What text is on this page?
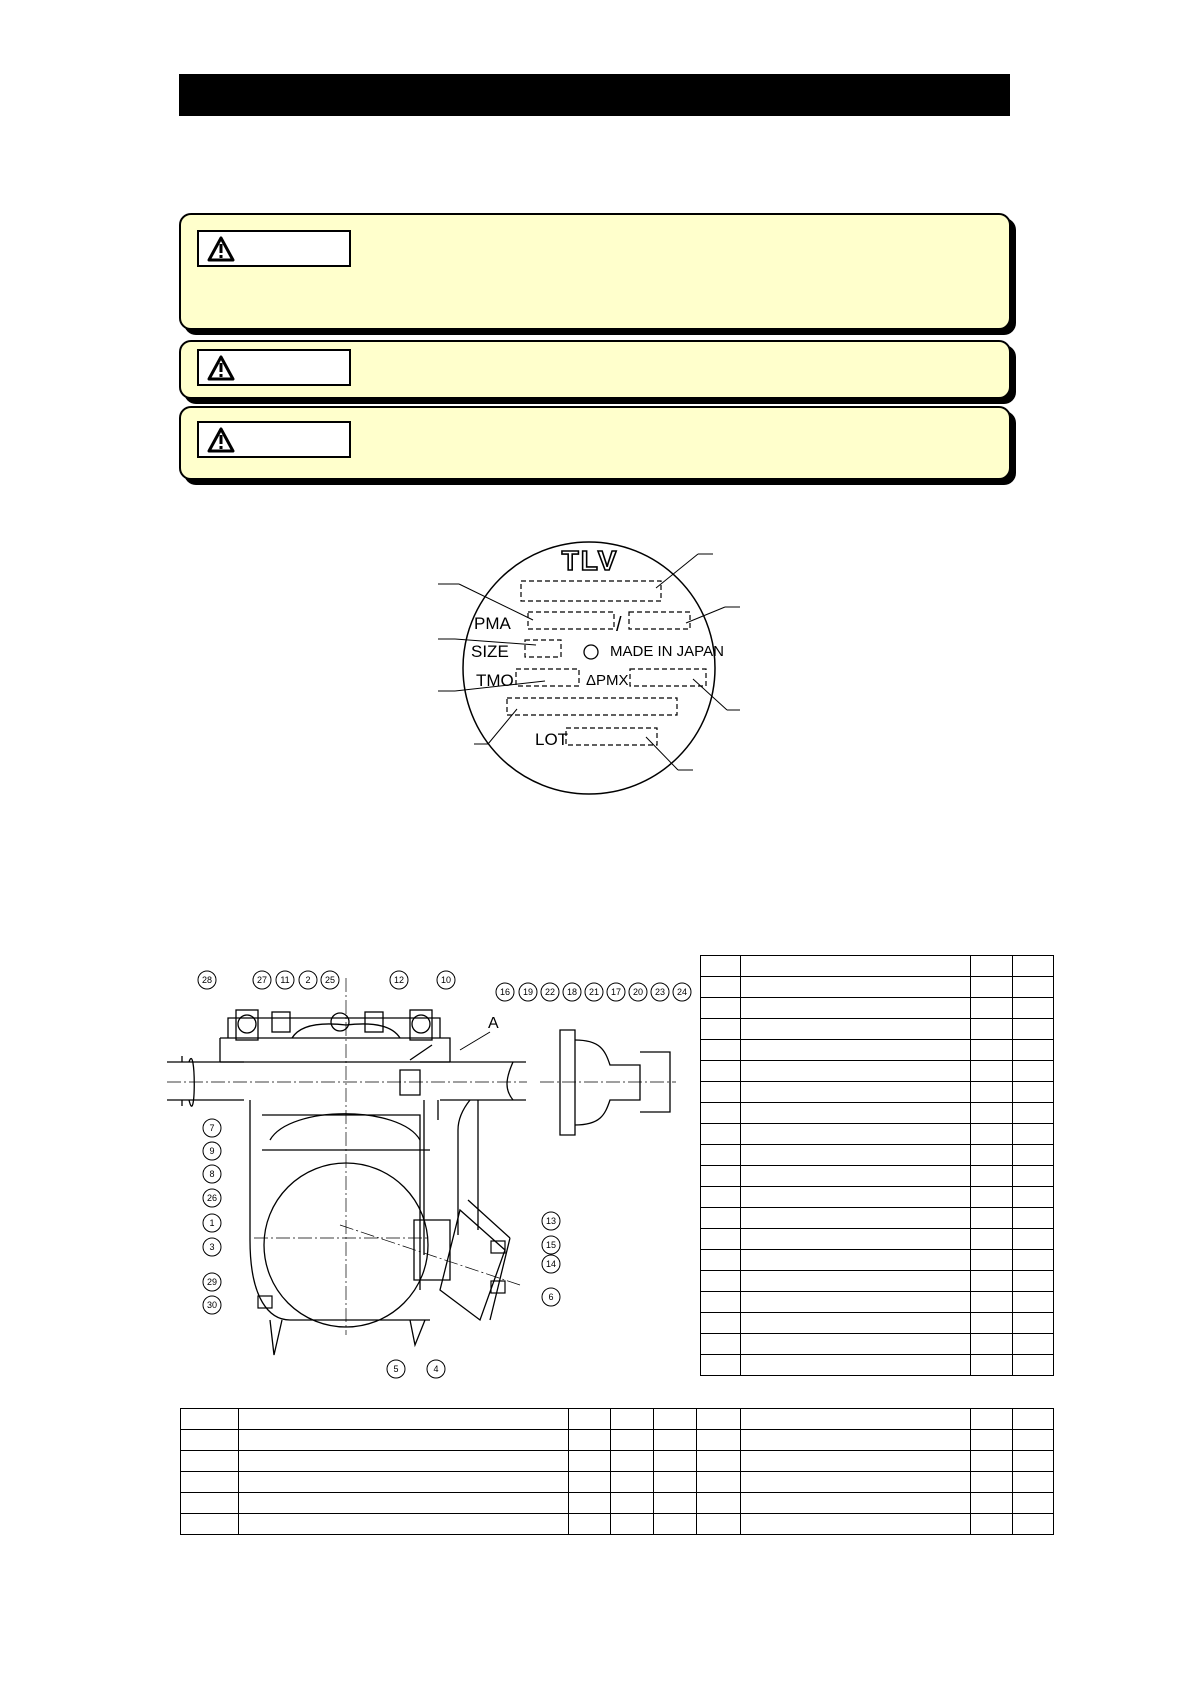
TLV
PMA	/
SIZE	MADE IN JAPAN
TMO	ΔPMX
LOT
A
28	27 11 2 25	12	10
7
9
8
26
1
3
29
30
5	4
13
15
14
6
16 19 22 18 21 17 20 23 24
